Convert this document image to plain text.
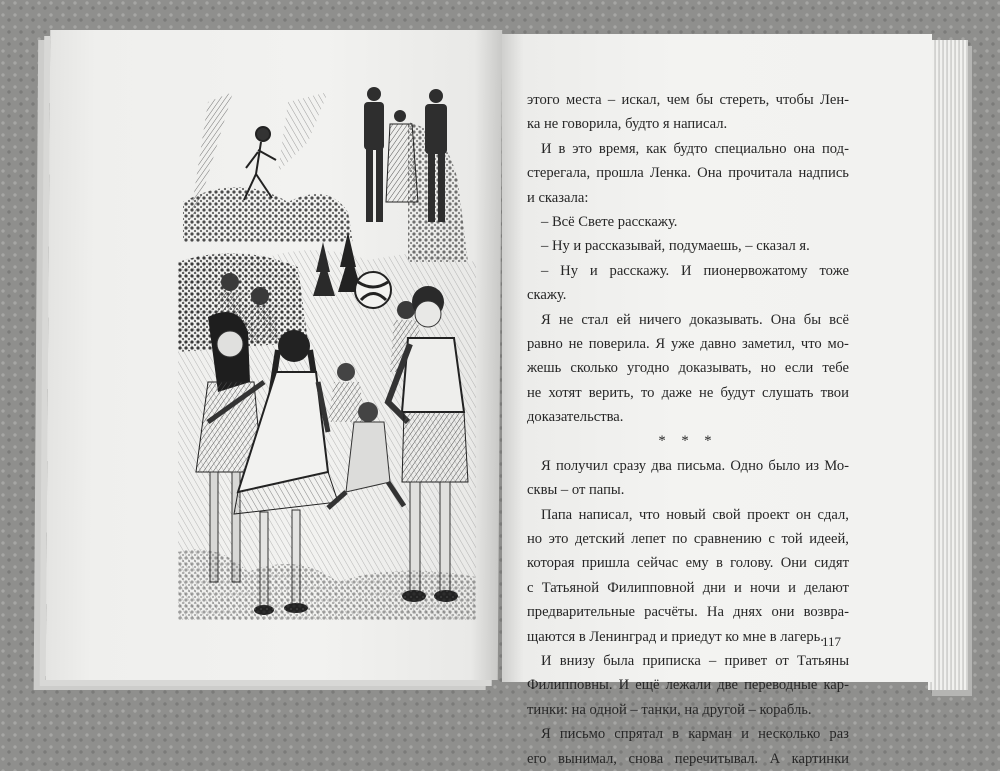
этого места – искал, чем бы стереть, чтобы Лен-
ка не говорила, будто я написал.
И в это время, как будто специально она под-
стерегала, прошла Ленка. Она прочитала надпись
и сказала:
– Всё Свете расскажу.
– Ну и рассказывай, подумаешь, – сказал я.
– Ну и расскажу. И пионервожатому тоже
скажу.
Я не стал ей ничего доказывать. Она бы всё
равно не поверила. Я уже давно заметил, что мо-
жешь сколько угодно доказывать, но если тебе
не хотят верить, то даже не будут слушать твои
доказательства.
* * *
Я получил сразу два письма. Одно было из Мо-
сквы – от папы.
Папа написал, что новый свой проект он сдал,
но это детский лепет по сравнению с той идеей,
которая пришла сейчас ему в голову. Они сидят
с Татьяной Филипповной дни и ночи и делают
предварительные расчёты. На днях они возвра-
щаются в Ленинград и приедут ко мне в лагерь.
И внизу была приписка – привет от Татьяны
Филипповны. И ещё лежали две переводные кар-
тинки: на одной – танки, на другой – корабль.
Я письмо спрятал в карман и несколько раз
его вынимал, снова перечитывал. А картинки
117
